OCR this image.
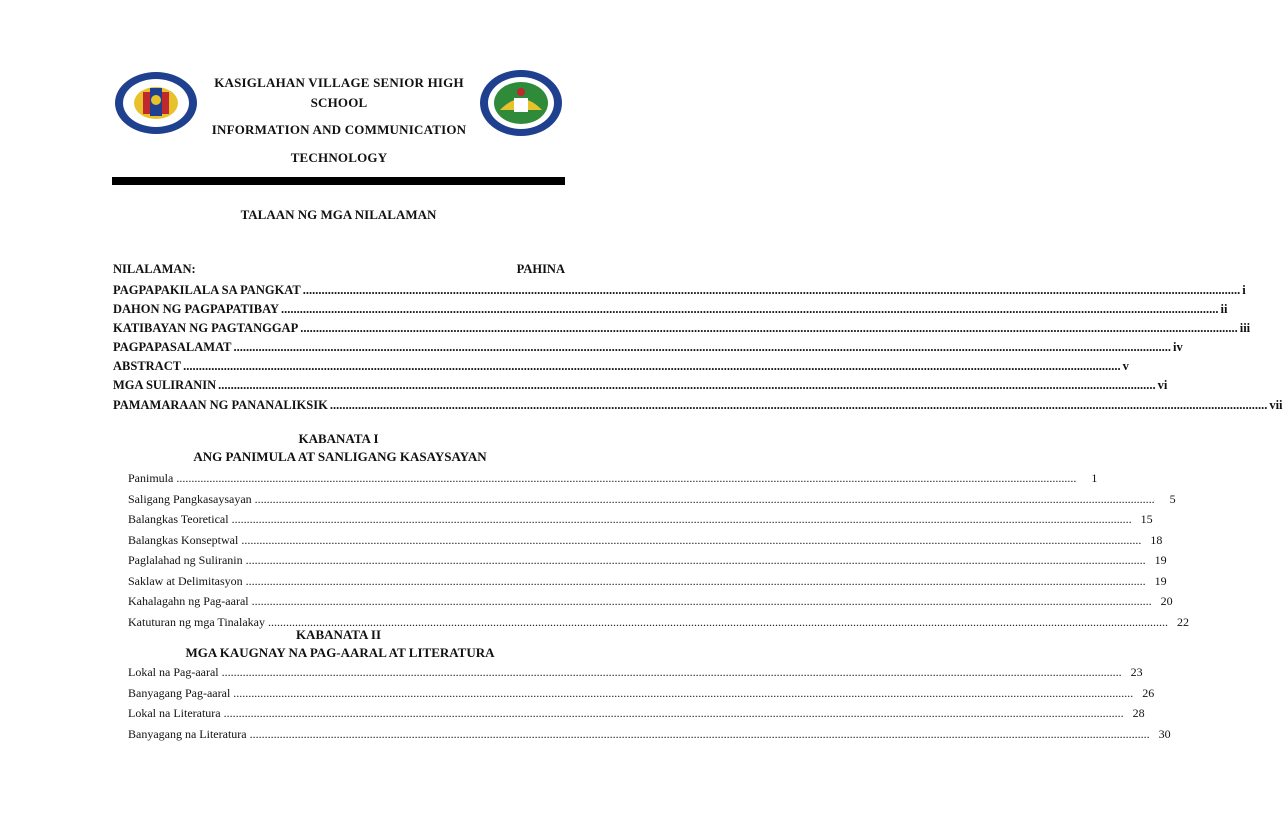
KASIGLAHAN VILLAGE SENIOR HIGH
SCHOOL
INFORMATION AND COMMUNICATION
TECHNOLOGY
TALAAN NG MGA NILALAMAN
NILALAMAN:	PAHINA
PAGPAPAKILALA SA PANGKAT ............................................................................................................................................................................................................................................................................................................ i
DAHON NG PAGPAPATIBAY ............................................................................................................................................................................................................................................................................................................ ii
KATIBAYAN NG PAGTANGGAP ............................................................................................................................................................................................................................................................................................................ iii
PAGPAPASALAMAT ............................................................................................................................................................................................................................................................................................................ iv
ABSTRACT ............................................................................................................................................................................................................................................................................................................ v
MGA SULIRANIN ............................................................................................................................................................................................................................................................................................................ vi
PAMAMARAAN NG PANANALIKSIK ............................................................................................................................................................................................................................................................................................................ vii
KABANATA I
ANG PANIMULA AT SANLIGANG KASAYSAYAN
Panimula ............................................................................................................................................................................................................................................................................................................	1
Saligang Pangkasaysayan ............................................................................................................................................................................................................................................................................................................	5
Balangkas Teoretical ............................................................................................................................................................................................................................................................................................................ 15
Balangkas Konseptwal ............................................................................................................................................................................................................................................................................................................ 18
Paglalahad ng Suliranin ............................................................................................................................................................................................................................................................................................................ 19
Saklaw at Delimitasyon ............................................................................................................................................................................................................................................................................................................ 19
Kahalagahn ng Pag-aaral ............................................................................................................................................................................................................................................................................................................ 20
Katuturan ng mga Tinalakay ............................................................................................................................................................................................................................................................................................................ 22
KABANATA II
MGA KAUGNAY NA PAG-AARAL AT LITERATURA
Lokal na Pag-aaral ............................................................................................................................................................................................................................................................................................................ 23
Banyagang Pag-aaral ............................................................................................................................................................................................................................................................................................................ 26
Lokal na Literatura ............................................................................................................................................................................................................................................................................................................ 28
Banyagang na Literatura ............................................................................................................................................................................................................................................................................................................ 30
